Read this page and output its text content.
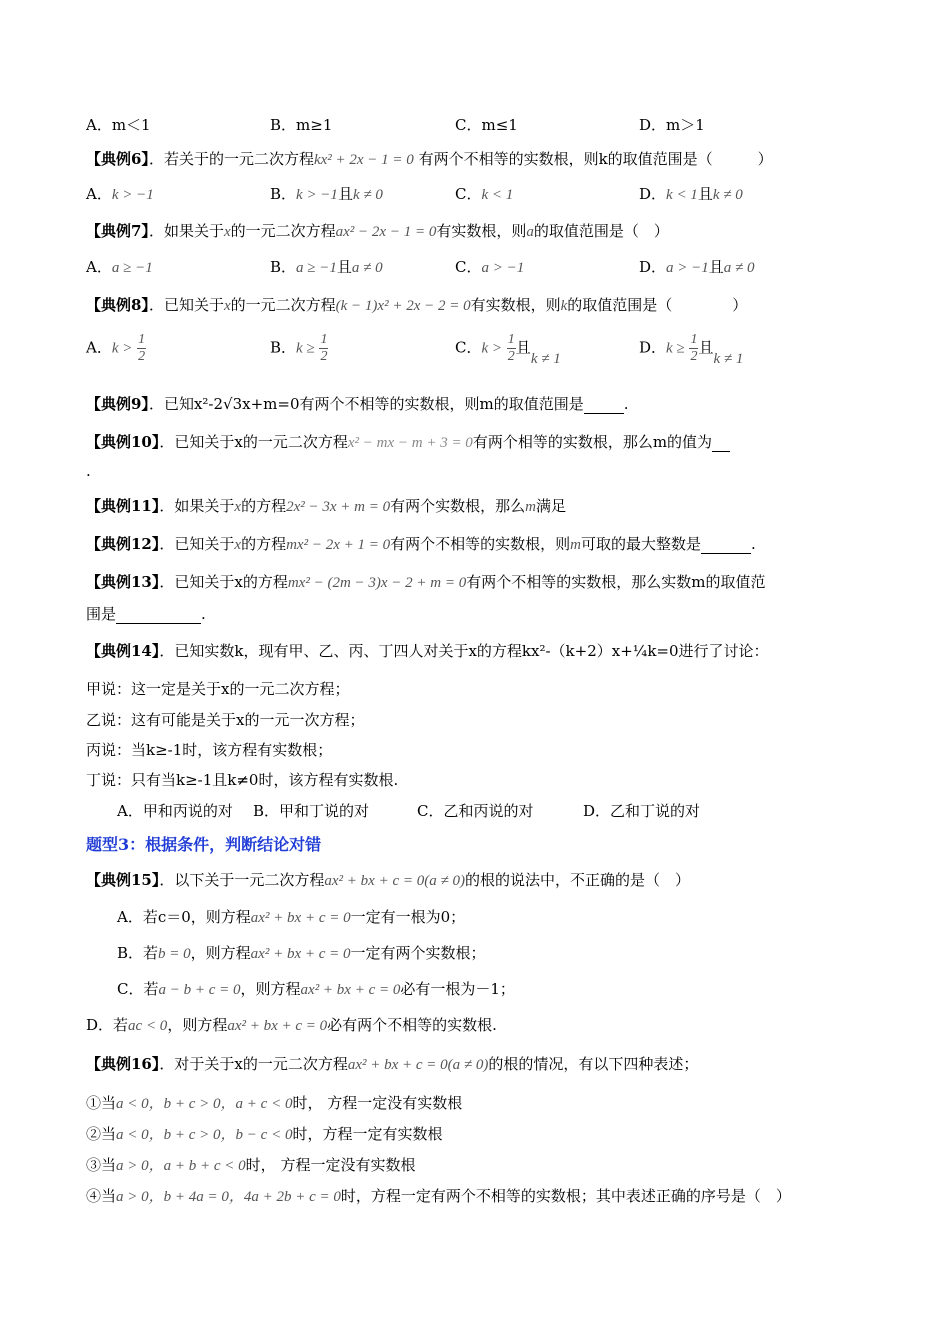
A．m＜1	B．m≥1	C．m≤1	D．m＞1
【典例6】．若关于的一元二次方程kx² + 2x − 1 = 0 有两个不相等的实数根，则k的取值范围是（　　　）
A．k > −1	B．k > −1且k ≠ 0	C．k < 1	D．k < 1且k ≠ 0
【典例7】．如果关于x的一元二次方程ax² − 2x − 1 = 0有实数根，则a的取值范围是（　）
A．a ≥ −1	B．a ≥ −1且a ≠ 0	C．a > −1	D．a > −1且a ≠ 0
【典例8】．已知关于x的一元二次方程(k − 1)x² + 2x − 2 = 0有实数根，则k的取值范围是（　　　　）
A．$k > \frac{1}{2}$	B．$k \ge \frac{1}{2}$	C．$k > \frac{1}{2}$ 且k ≠ 1
D．$k \ge \frac{1}{2}$ 且k ≠ 1
【典例9】．已知x²-2√3x+m=0有两个不相等的实数根，则m的取值范围是	.
【典例10】．已知关于x的一元二次方程x² − mx − m + 3 = 0有两个相等的实数根，那么m的值为
.
【典例11】．如果关于x的方程2x² − 3x + m = 0有两个实数根，那么m满足
【典例12】．已知关于x的方程mx² − 2x + 1 = 0有两个不相等的实数根，则m可取的最大整数是	.
【典例13】．已知关于x的方程mx² − (2m − 3)x − 2 + m = 0有两个不相等的实数根，那么实数m的取值范
围是	.
【典例14】．已知实数k，现有甲、乙、丙、丁四人对关于x的方程kx²-（k+2）x+¼k=0进行了讨论：
甲说：这一定是关于x的一元二次方程；
乙说：这有可能是关于x的一元一次方程；
丙说：当k≥-1时，该方程有实数根；
丁说：只有当k≥-1且k≠0时，该方程有实数根.
A．甲和丙说的对 B．甲和丁说的对	C．乙和丙说的对	D．乙和丁说的对
题型3：根据条件，判断结论对错
【典例15】．以下关于一元二次方程ax² + bx + c = 0(a ≠ 0)的根的说法中，不正确的是（　）
A．若c＝0，则方程ax² + bx + c = 0一定有一根为0；
B．若b = 0，则方程ax² + bx + c = 0一定有两个实数根；
C．若a − b + c = 0，则方程ax² + bx + c = 0必有一根为－1；
D．若ac < 0，则方程ax² + bx + c = 0必有两个不相等的实数根.
【典例16】．对于关于x的一元二次方程ax² + bx + c = 0(a ≠ 0)的根的情况，有以下四种表述；
①当a < 0，b + c > 0，a + c < 0时， 方程一定没有实数根
②当a < 0，b + c > 0，b − c < 0时，方程一定有实数根
③当a > 0，a + b + c < 0时， 方程一定没有实数根
④当a > 0，b + 4a = 0，4a + 2b + c = 0时，方程一定有两个不相等的实数根；其中表述正确的序号是（　）
